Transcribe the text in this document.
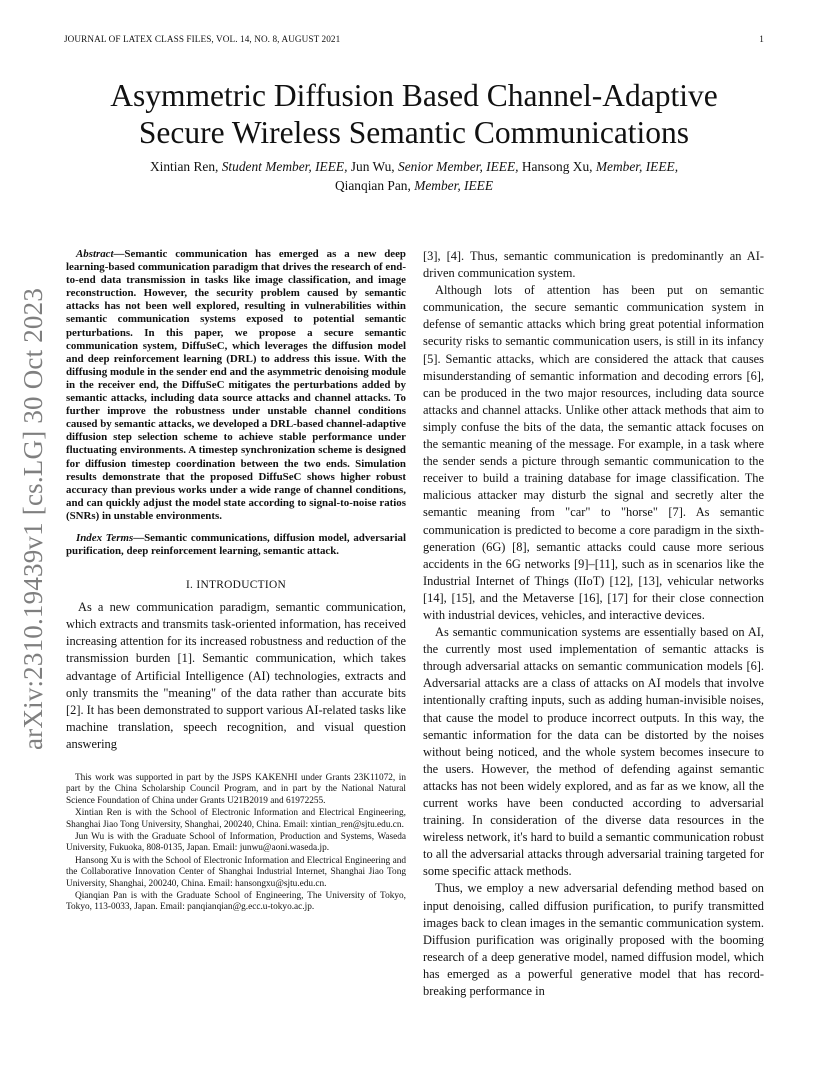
JOURNAL OF LATEX CLASS FILES, VOL. 14, NO. 8, AUGUST 2021	1
arXiv:2310.19439v1 [cs.LG] 30 Oct 2023
Asymmetric Diffusion Based Channel-Adaptive Secure Wireless Semantic Communications
Xintian Ren, Student Member, IEEE, Jun Wu, Senior Member, IEEE, Hansong Xu, Member, IEEE,
Qianqian Pan, Member, IEEE

Abstract—Semantic communication has emerged as a new deep learning-based communication paradigm that drives the research of end-to-end data transmission in tasks like image classification, and image reconstruction. However, the security problem caused by semantic attacks has not been well explored, resulting in vulnerabilities within semantic communication systems exposed to potential semantic perturbations. In this paper, we propose a secure semantic communication system, DiffuSeC, which leverages the diffusion model and deep reinforcement learning (DRL) to address this issue. With the diffusing module in the sender end and the asymmetric denoising module in the receiver end, the DiffuSeC mitigates the perturbations added by semantic attacks, including data source attacks and channel attacks. To further improve the robustness under unstable channel conditions caused by semantic attacks, we developed a DRL-based channel-adaptive diffusion step selection scheme to achieve stable performance under fluctuating environments. A timestep synchronization scheme is designed for diffusion timestep coordination between the two ends. Simulation results demonstrate that the proposed DiffuSeC shows higher robust accuracy than previous works under a wide range of channel conditions, and can quickly adjust the model state according to signal-to-noise ratios (SNRs) in unstable environments.

Index Terms—Semantic communications, diffusion model, adversarial purification, deep reinforcement learning, semantic attack.

I. INTRODUCTION

As a new communication paradigm, semantic communication, which extracts and transmits task-oriented information, has received increasing attention for its increased robustness and reduction of the transmission burden [1]. Semantic communication, which takes advantage of Artificial Intelligence (AI) technologies, extracts and only transmits the "meaning" of the data rather than accurate bits [2]. It has been demonstrated to support various AI-related tasks like machine translation, speech recognition, and visual question answering

This work was supported in part by the JSPS KAKENHI under Grants 23K11072, in part by the China Scholarship Council Program, and in part by the National Natural Science Foundation of China under Grants U21B2019 and 61972255.

Xintian Ren is with the School of Electronic Information and Electrical Engineering, Shanghai Jiao Tong University, Shanghai, 200240, China. Email: xintian_ren@sjtu.edu.cn.

Jun Wu is with the Graduate School of Information, Production and Systems, Waseda University, Fukuoka, 808-0135, Japan. Email: junwu@aoni.waseda.jp.

Hansong Xu is with the School of Electronic Information and Electrical Engineering and the Collaborative Innovation Center of Shanghai Industrial Internet, Shanghai Jiao Tong University, Shanghai, 200240, China. Email: hansongxu@sjtu.edu.cn.

Qianqian Pan is with the Graduate School of Engineering, The University of Tokyo, Tokyo, 113-0033, Japan. Email: panqianqian@g.ecc.u-tokyo.ac.jp.

[3], [4]. Thus, semantic communication is predominantly an AI-driven communication system.

Although lots of attention has been put on semantic communication, the secure semantic communication system in defense of semantic attacks which bring great potential information security risks to semantic communication users, is still in its infancy [5]. Semantic attacks, which are considered the attack that causes misunderstanding of semantic information and decoding errors [6], can be produced in the two major resources, including data source attacks and channel attacks. Unlike other attack methods that aim to simply confuse the bits of the data, the semantic attack focuses on the semantic meaning of the message. For example, in a task where the sender sends a picture through semantic communication to the receiver to build a training database for image classification. The malicious attacker may disturb the signal and secretly alter the semantic meaning from "car" to "horse" [7]. As semantic communication is predicted to become a core paradigm in the sixth-generation (6G) [8], semantic attacks could cause more serious accidents in the 6G networks [9]–[11], such as in scenarios like the Industrial Internet of Things (IIoT) [12], [13], vehicular networks [14], [15], and the Metaverse [16], [17] for their close connection with industrial devices, vehicles, and interactive devices.

As semantic communication systems are essentially based on AI, the currently most used implementation of semantic attacks is through adversarial attacks on semantic communication models [6]. Adversarial attacks are a class of attacks on AI models that involve intentionally crafting inputs, such as adding human-invisible noises, that cause the model to produce incorrect outputs. In this way, the semantic information for the data can be distorted by the noises without being noticed, and the whole system becomes insecure to the users. However, the method of defending against semantic attacks has not been widely explored, and as far as we know, all the current works have been conducted according to adversarial training. In consideration of the diverse data resources in the wireless network, it's hard to build a semantic communication robust to all the adversarial attacks through adversarial training targeted for some specific attack methods.

Thus, we employ a new adversarial defending method based on input denoising, called diffusion purification, to purify transmitted images back to clean images in the semantic communication system. Diffusion purification was originally proposed with the booming research of a deep generative model, named diffusion model, which has emerged as a powerful generative model that has record-breaking performance in
